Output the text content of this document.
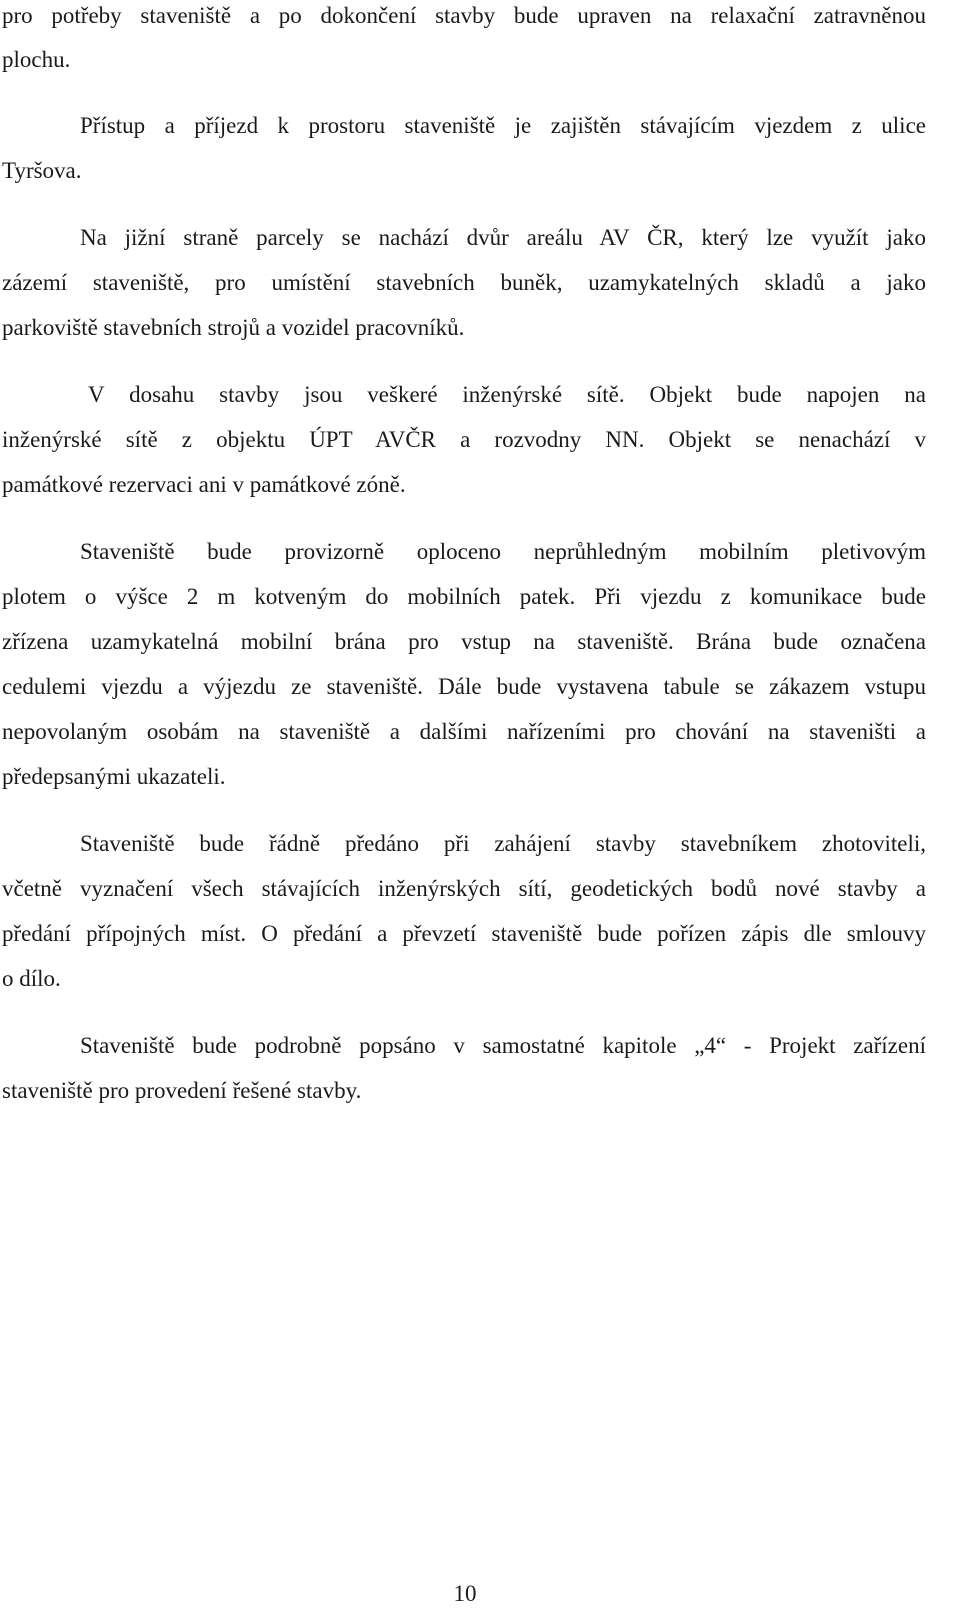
pro potřeby staveniště a po dokončení stavby bude upraven na relaxační zatravněnou

plochu.

Přístup a příjezd k prostoru staveniště je zajištěn stávajícím vjezdem z ulice

Tyršova.

Na jižní straně parcely se nachází dvůr areálu AV ČR, který lze využít jako

zázemí staveniště, pro umístění stavebních buněk, uzamykatelných skladů a jako

parkoviště stavebních strojů a vozidel pracovníků.

V dosahu stavby jsou veškeré inženýrské sítě. Objekt bude napojen na

inženýrské sítě z objektu ÚPT AVČR a rozvodny NN. Objekt se nenachází v

památkové rezervaci ani v památkové zóně.

Staveniště bude provizorně oploceno neprůhledným mobilním pletivovým

plotem o výšce 2 m kotveným do mobilních patek. Při vjezdu z komunikace bude

zřízena uzamykatelná mobilní brána pro vstup na staveniště. Brána bude označena

cedulemi vjezdu a výjezdu ze staveniště. Dále bude vystavena tabule se zákazem vstupu

nepovolaným osobám na staveniště a dalšími nařízeními pro chování na staveništi a

předepsanými ukazateli.

Staveniště bude řádně předáno při zahájení stavby stavebníkem zhotoviteli,

včetně vyznačení všech stávajících inženýrských sítí, geodetických bodů nové stavby a

předání přípojných míst. O předání a převzetí staveniště bude pořízen zápis dle smlouvy

o dílo.

Staveniště bude podrobně popsáno v samostatné kapitole „4“ - Projekt zařízení

staveniště pro provedení řešené stavby.

10
